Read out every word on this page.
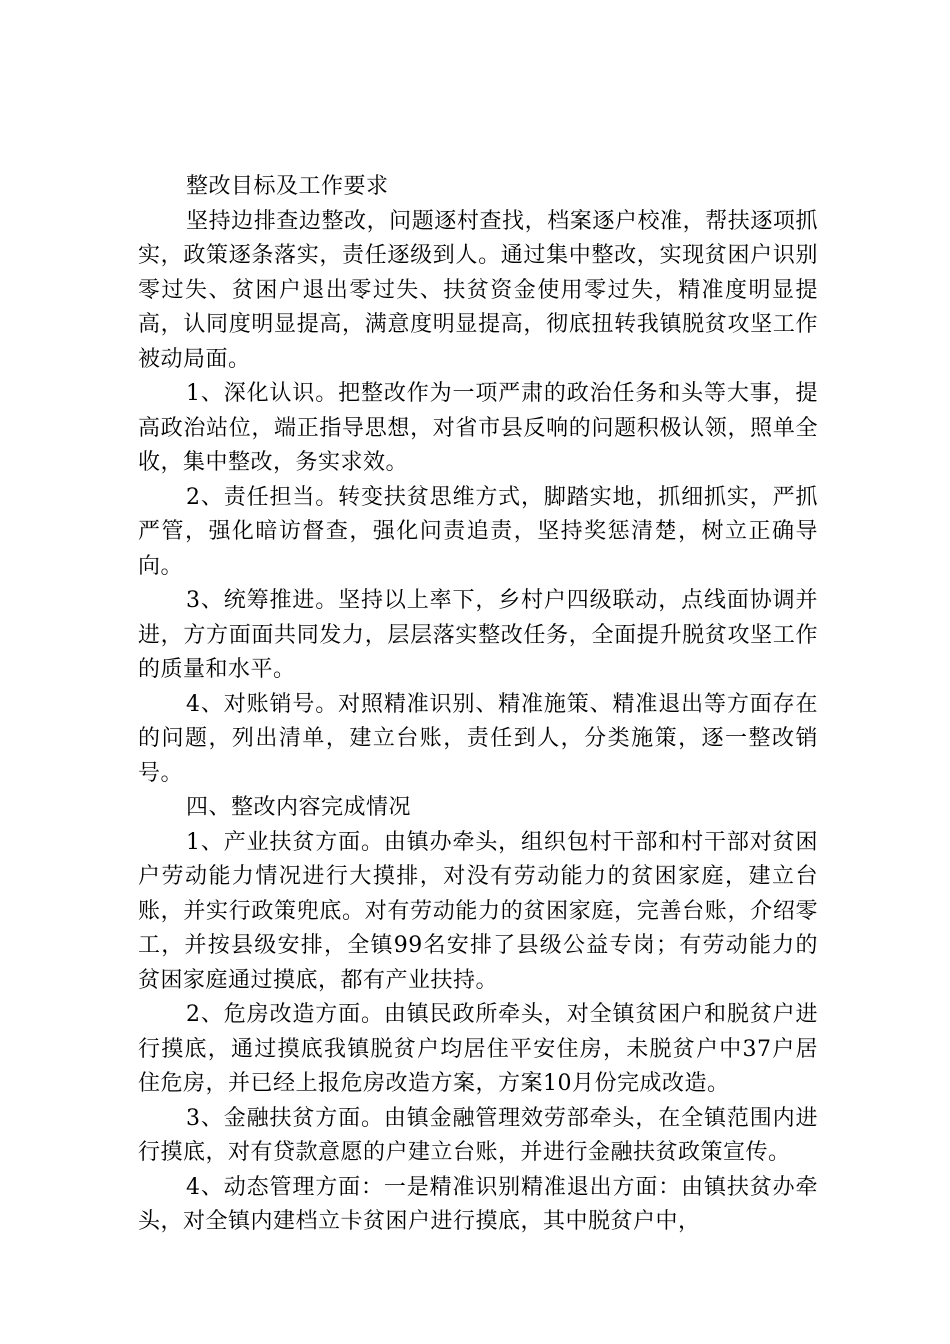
整改目标及工作要求

坚持边排查边整改，问题逐村查找，档案逐户校准，帮扶逐项抓实，政策逐条落实，责任逐级到人。通过集中整改，实现贫困户识别零过失、贫困户退出零过失、扶贫资金使用零过失，精准度明显提高，认同度明显提高，满意度明显提高，彻底扭转我镇脱贫攻坚工作被动局面。

1、深化认识。把整改作为一项严肃的政治任务和头等大事，提高政治站位，端正指导思想，对省市县反响的问题积极认领，照单全收，集中整改，务实求效。

2、责任担当。转变扶贫思维方式，脚踏实地，抓细抓实，严抓严管，强化暗访督查，强化问责追责，坚持奖惩清楚，树立正确导向。

3、统筹推进。坚持以上率下，乡村户四级联动，点线面协调并进，方方面面共同发力，层层落实整改任务，全面提升脱贫攻坚工作的质量和水平。

4、对账销号。对照精准识别、精准施策、精准退出等方面存在的问题，列出清单，建立台账，责任到人，分类施策，逐一整改销号。

四、整改内容完成情况

1、产业扶贫方面。由镇办牵头，组织包村干部和村干部对贫困户劳动能力情况进行大摸排，对没有劳动能力的贫困家庭，建立台账，并实行政策兜底。对有劳动能力的贫困家庭，完善台账，介绍零工，并按县级安排，全镇99名安排了县级公益专岗；有劳动能力的贫困家庭通过摸底，都有产业扶持。

2、危房改造方面。由镇民政所牵头，对全镇贫困户和脱贫户进行摸底，通过摸底我镇脱贫户均居住平安住房，未脱贫户中37户居住危房，并已经上报危房改造方案，方案10月份完成改造。

3、金融扶贫方面。由镇金融管理效劳部牵头，在全镇范围内进行摸底，对有贷款意愿的户建立台账，并进行金融扶贫政策宣传。

4、动态管理方面：一是精准识别精准退出方面：由镇扶贫办牵头，对全镇内建档立卡贫困户进行摸底，其中脱贫户中，
